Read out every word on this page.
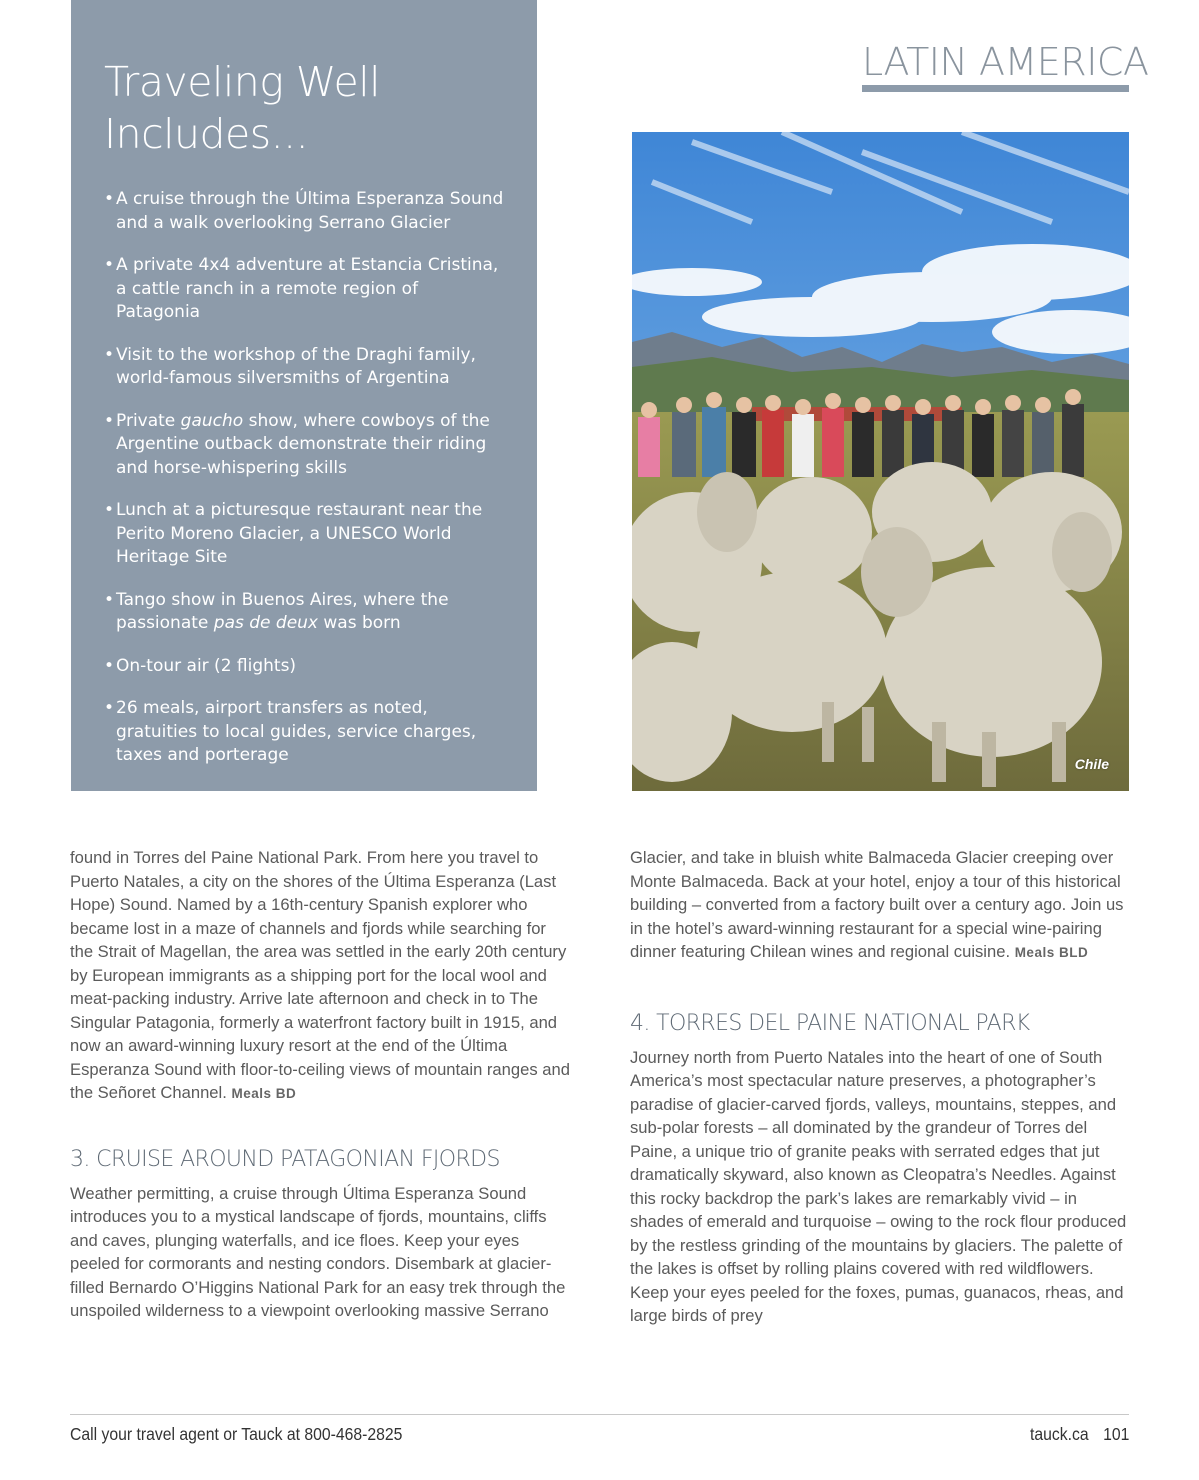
Traveling Well
Includes...
• A cruise through the Última Esperanza Sound and a walk overlooking Serrano Glacier
• A private 4x4 adventure at Estancia Cristina, a cattle ranch in a remote region of Patagonia
• Visit to the workshop of the Draghi family, world-famous silversmiths of Argentina
• Private gaucho show, where cowboys of the Argentine outback demonstrate their riding and horse-whispering skills
• Lunch at a picturesque restaurant near the Perito Moreno Glacier, a UNESCO World Heritage Site
• Tango show in Buenos Aires, where the passionate pas de deux was born
• On-tour air (2 flights)
• 26 meals, airport transfers as noted, gratuities to local guides, service charges, taxes and porterage
LATIN AMERICA
Chile

found in Torres del Paine National Park. From here you travel to Puerto Natales, a city on the shores of the Última Esperanza (Last Hope) Sound. Named by a 16th-century Spanish explorer who became lost in a maze of channels and fjords while searching for the Strait of Magellan, the area was settled in the early 20th century by European immigrants as a shipping port for the local wool and meat-packing industry. Arrive late afternoon and check in to The Singular Patagonia, formerly a waterfront factory built in 1915, and now an award-winning luxury resort at the end of the Última Esperanza Sound with floor-to-ceiling views of mountain ranges and the Señoret Channel. Meals BD

3. CRUISE AROUND PATAGONIAN FJORDS

Weather permitting, a cruise through Última Esperanza Sound introduces you to a mystical landscape of fjords, mountains, cliffs and caves, plunging waterfalls, and ice floes. Keep your eyes peeled for cormorants and nesting condors. Disembark at glacier-filled Bernardo O’Higgins National Park for an easy trek through the unspoiled wilderness to a viewpoint overlooking massive Serrano

Glacier, and take in bluish white Balmaceda Glacier creeping over Monte Balmaceda. Back at your hotel, enjoy a tour of this historical building – converted from a factory built over a century ago. Join us in the hotel’s award-winning restaurant for a special wine-pairing dinner featuring Chilean wines and regional cuisine. Meals BLD

4. TORRES DEL PAINE NATIONAL PARK

Journey north from Puerto Natales into the heart of one of South America’s most spectacular nature preserves, a photographer’s paradise of glacier-carved fjords, valleys, mountains, steppes, and sub-polar forests – all dominated by the grandeur of Torres del Paine, a unique trio of granite peaks with serrated edges that jut dramatically skyward, also known as Cleopatra’s Needles. Against this rocky backdrop the park’s lakes are remarkably vivid – in shades of emerald and turquoise – owing to the rock flour produced by the restless grinding of the mountains by glaciers. The palette of the lakes is offset by rolling plains covered with red wildflowers. Keep your eyes peeled for the foxes, pumas, guanacos, rheas, and large birds of prey

Call your travel agent or Tauck at 800-468-2825	tauck.ca 101
